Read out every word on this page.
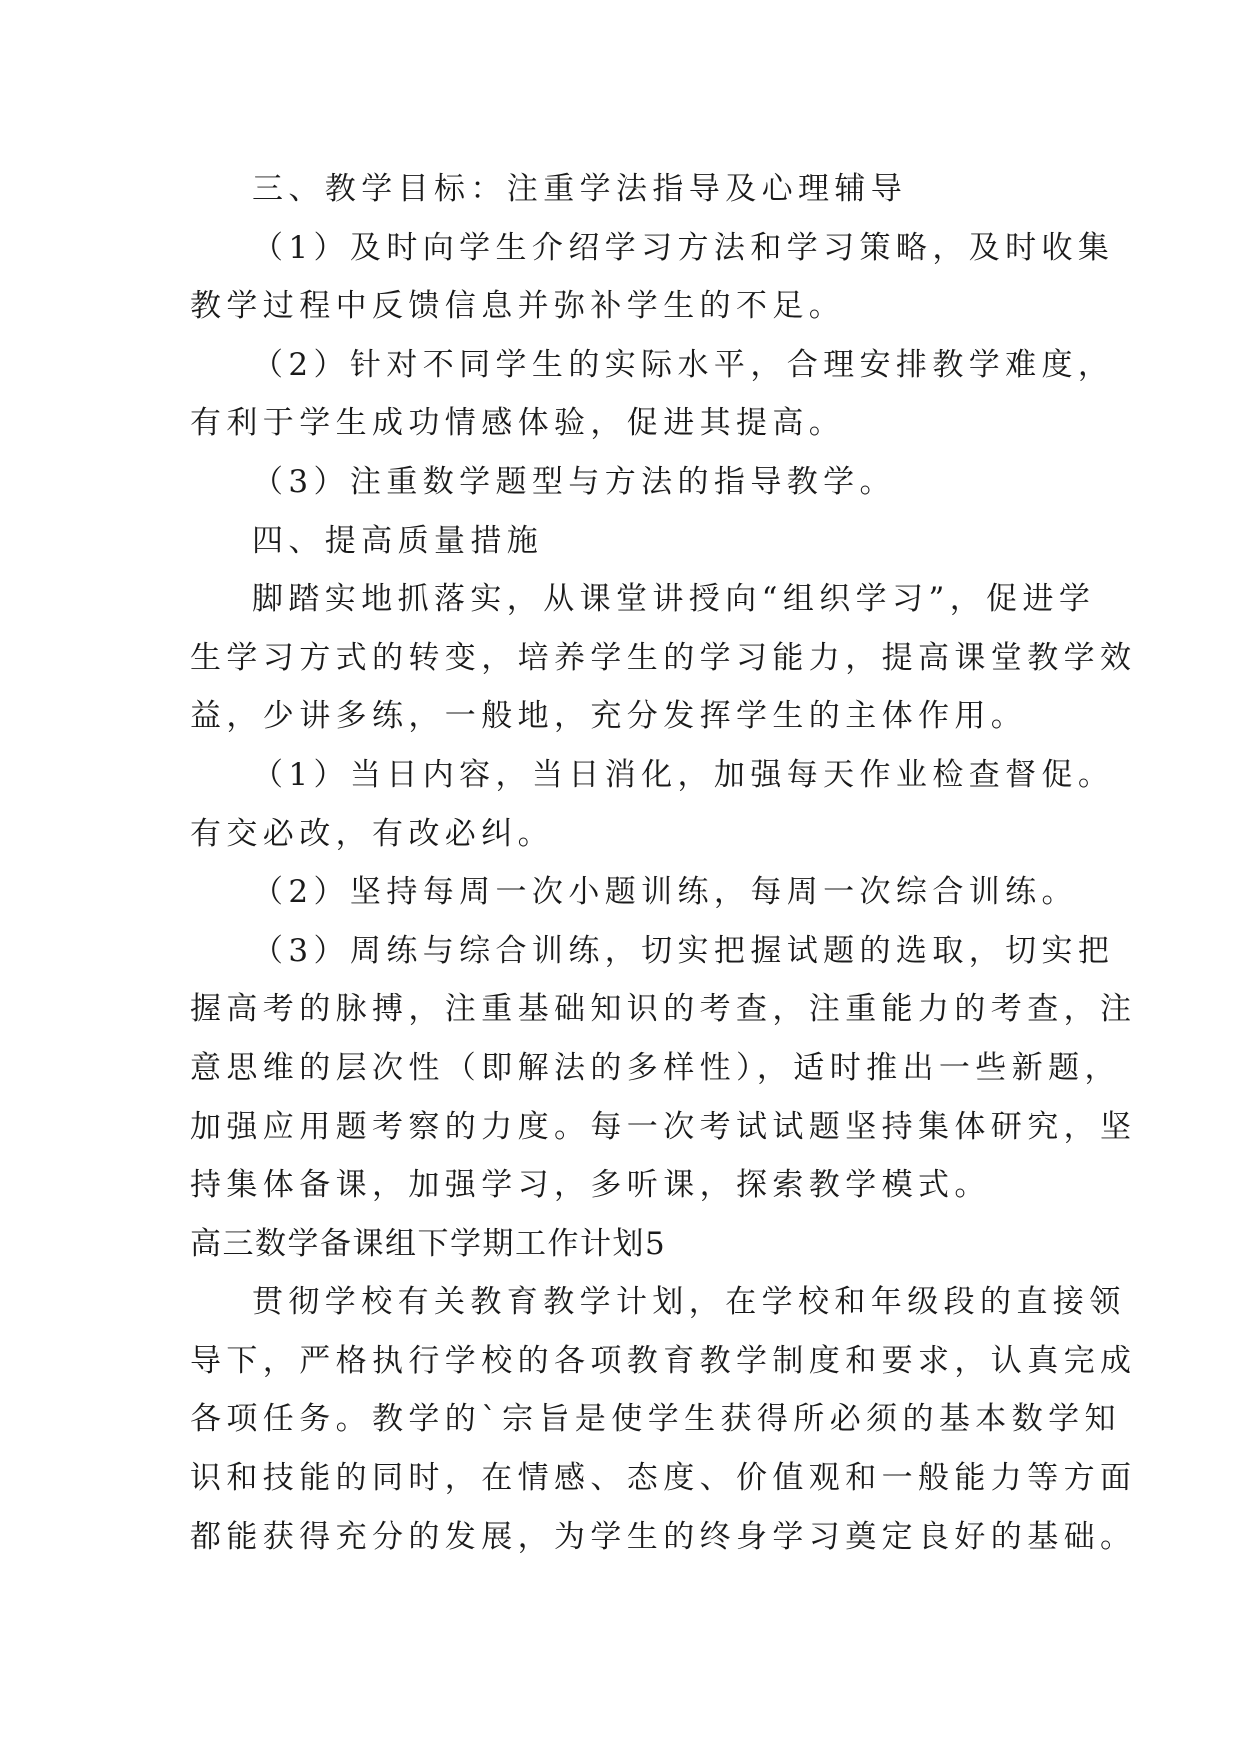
三、教学目标：注重学法指导及心理辅导
（1）及时向学生介绍学习方法和学习策略，及时收集
教学过程中反馈信息并弥补学生的不足。
（2）针对不同学生的实际水平，合理安排教学难度，
有利于学生成功情感体验，促进其提高。
（3）注重数学题型与方法的指导教学。
四、提高质量措施
脚踏实地抓落实，从课堂讲授向“组织学习”，促进学
生学习方式的转变，培养学生的学习能力，提高课堂教学效
益，少讲多练，一般地，充分发挥学生的主体作用。
（1）当日内容，当日消化，加强每天作业检查督促。
有交必改，有改必纠。
（2）坚持每周一次小题训练，每周一次综合训练。
（3）周练与综合训练，切实把握试题的选取，切实把
握高考的脉搏，注重基础知识的考查，注重能力的考查，注
意思维的层次性（即解法的多样性），适时推出一些新题，
加强应用题考察的力度。每一次考试试题坚持集体研究，坚
持集体备课，加强学习，多听课，探索教学模式。
高三数学备课组下学期工作计划5
贯彻学校有关教育教学计划，在学校和年级段的直接领
导下，严格执行学校的各项教育教学制度和要求，认真完成
各项任务。教学的`宗旨是使学生获得所必须的基本数学知
识和技能的同时，在情感、态度、价值观和一般能力等方面
都能获得充分的发展，为学生的终身学习奠定良好的基础。
